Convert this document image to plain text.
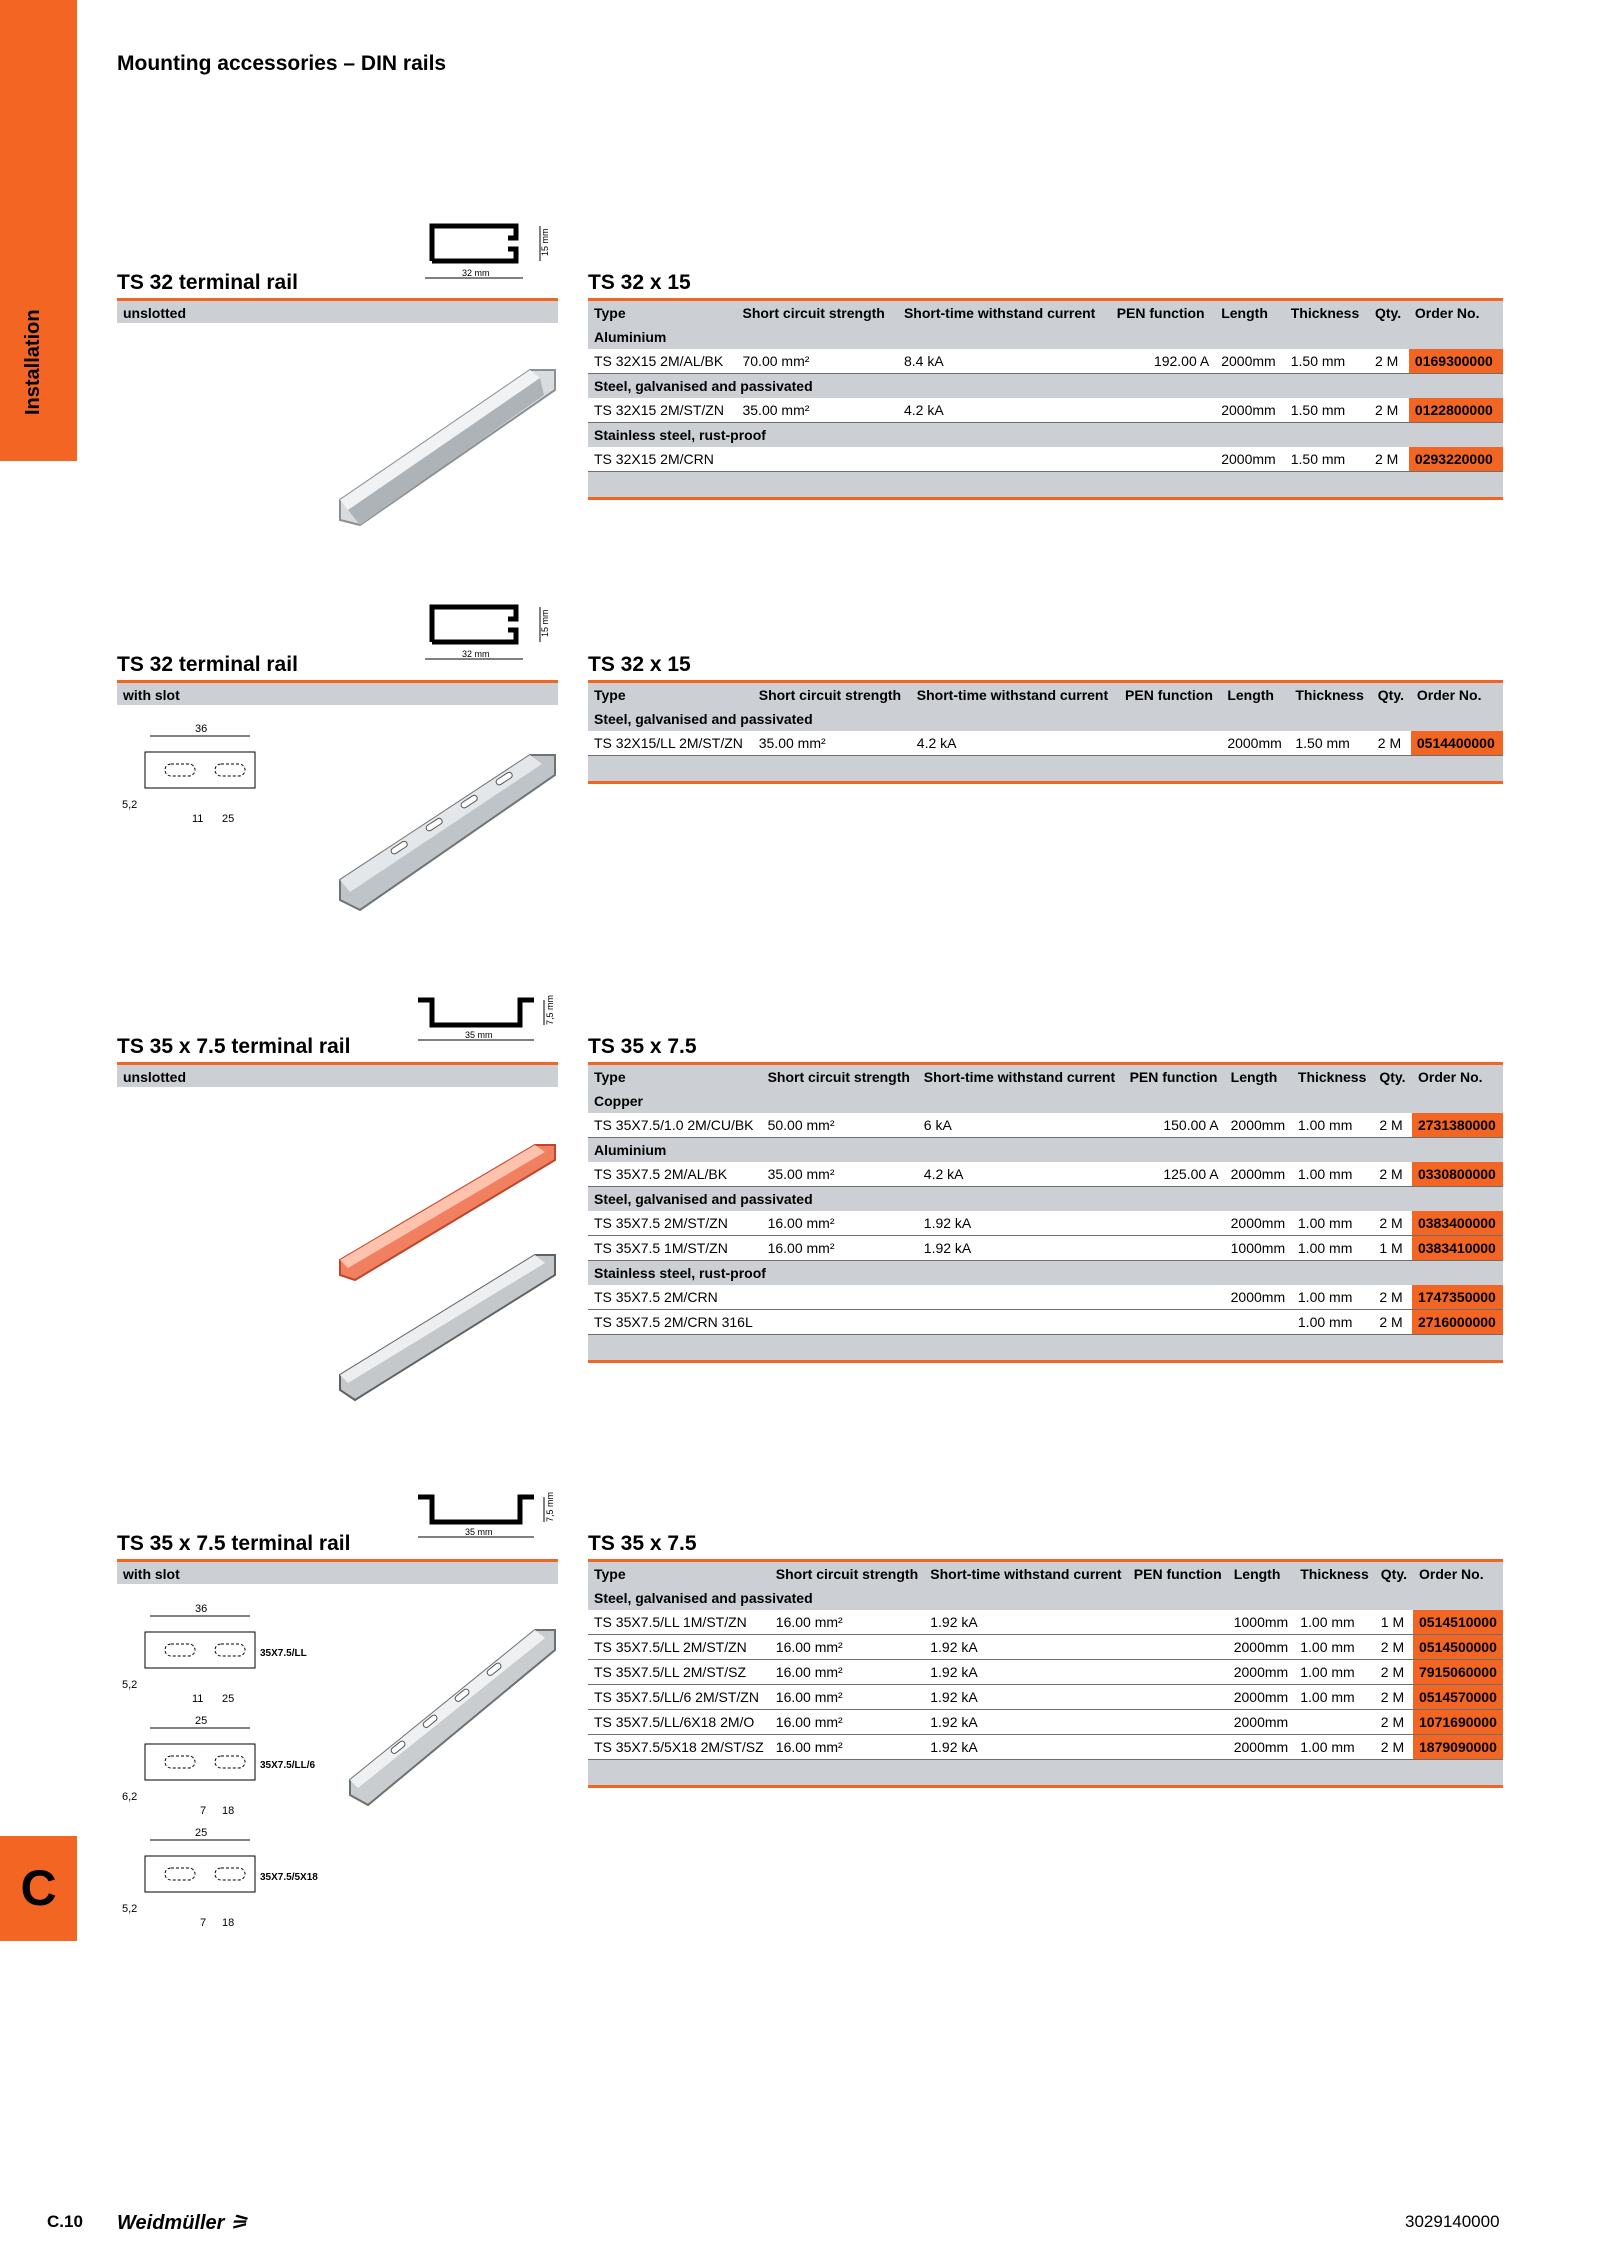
Installation
C
Mounting accessories – DIN rails
32 mm
15 mm
TS 32 terminal rail
unslotted
TS 32 x 15
Type	Short circuit strength	Short-time withstand current	PEN function	Length	Thickness	Qty.	Order No.
Aluminium							
TS 32X15 2M/AL/BK	70.00 mm²	8.4 kA	192.00 A	2000mm	1.50 mm	2 M	0169300000
Steel, galvanised and passivated							
TS 32X15 2M/ST/ZN	35.00 mm²	4.2 kA		2000mm	1.50 mm	2 M	0122800000
Stainless steel, rust-proof							
TS 32X15 2M/CRN				2000mm	1.50 mm	2 M	0293220000

32 mm
15 mm
TS 32 terminal rail
with slot
36
5,2
11 25
TS 32 x 15
Type	Short circuit strength	Short-time withstand current	PEN function	Length	Thickness	Qty.	Order No.
Steel, galvanised and passivated							
TS 32X15/LL 2M/ST/ZN	35.00 mm²	4.2 kA		2000mm	1.50 mm	2 M	0514400000

35 mm
7,5 mm
TS 35 x 7.5 terminal rail
unslotted
TS 35 x 7.5
Type	Short circuit strength	Short-time withstand current	PEN function	Length	Thickness	Qty.	Order No.
Copper							
TS 35X7.5/1.0 2M/CU/BK	50.00 mm²	6 kA	150.00 A	2000mm	1.00 mm	2 M	2731380000
Aluminium							
TS 35X7.5 2M/AL/BK	35.00 mm²	4.2 kA	125.00 A	2000mm	1.00 mm	2 M	0330800000
Steel, galvanised and passivated							
TS 35X7.5 2M/ST/ZN	16.00 mm²	1.92 kA		2000mm	1.00 mm	2 M	0383400000
TS 35X7.5 1M/ST/ZN	16.00 mm²	1.92 kA		1000mm	1.00 mm	1 M	0383410000
Stainless steel, rust-proof							
TS 35X7.5 2M/CRN				2000mm	1.00 mm	2 M	1747350000
TS 35X7.5 2M/CRN 316L					1.00 mm	2 M	2716000000

35 mm
7,5 mm
TS 35 x 7.5 terminal rail
with slot
36
5,2
11 25
35X7.5/LL
25
6,2
7 18
35X7.5/LL/6
25
5,2
7 18
35X7.5/5X18
TS 35 x 7.5
Type	Short circuit strength	Short-time withstand current	PEN function	Length	Thickness	Qty.	Order No.
Steel, galvanised and passivated							
TS 35X7.5/LL 1M/ST/ZN	16.00 mm²	1.92 kA		1000mm	1.00 mm	1 M	0514510000
TS 35X7.5/LL 2M/ST/ZN	16.00 mm²	1.92 kA		2000mm	1.00 mm	2 M	0514500000
TS 35X7.5/LL 2M/ST/SZ	16.00 mm²	1.92 kA		2000mm	1.00 mm	2 M	7915060000
TS 35X7.5/LL/6 2M/ST/ZN	16.00 mm²	1.92 kA		2000mm	1.00 mm	2 M	0514570000
TS 35X7.5/LL/6X18 2M/O	16.00 mm²	1.92 kA		2000mm		2 M	1071690000
TS 35X7.5/5X18 2M/ST/SZ	16.00 mm²	1.92 kA		2000mm	1.00 mm	2 M	1879090000

C.10 Weidmüller ⚞	3029140000
